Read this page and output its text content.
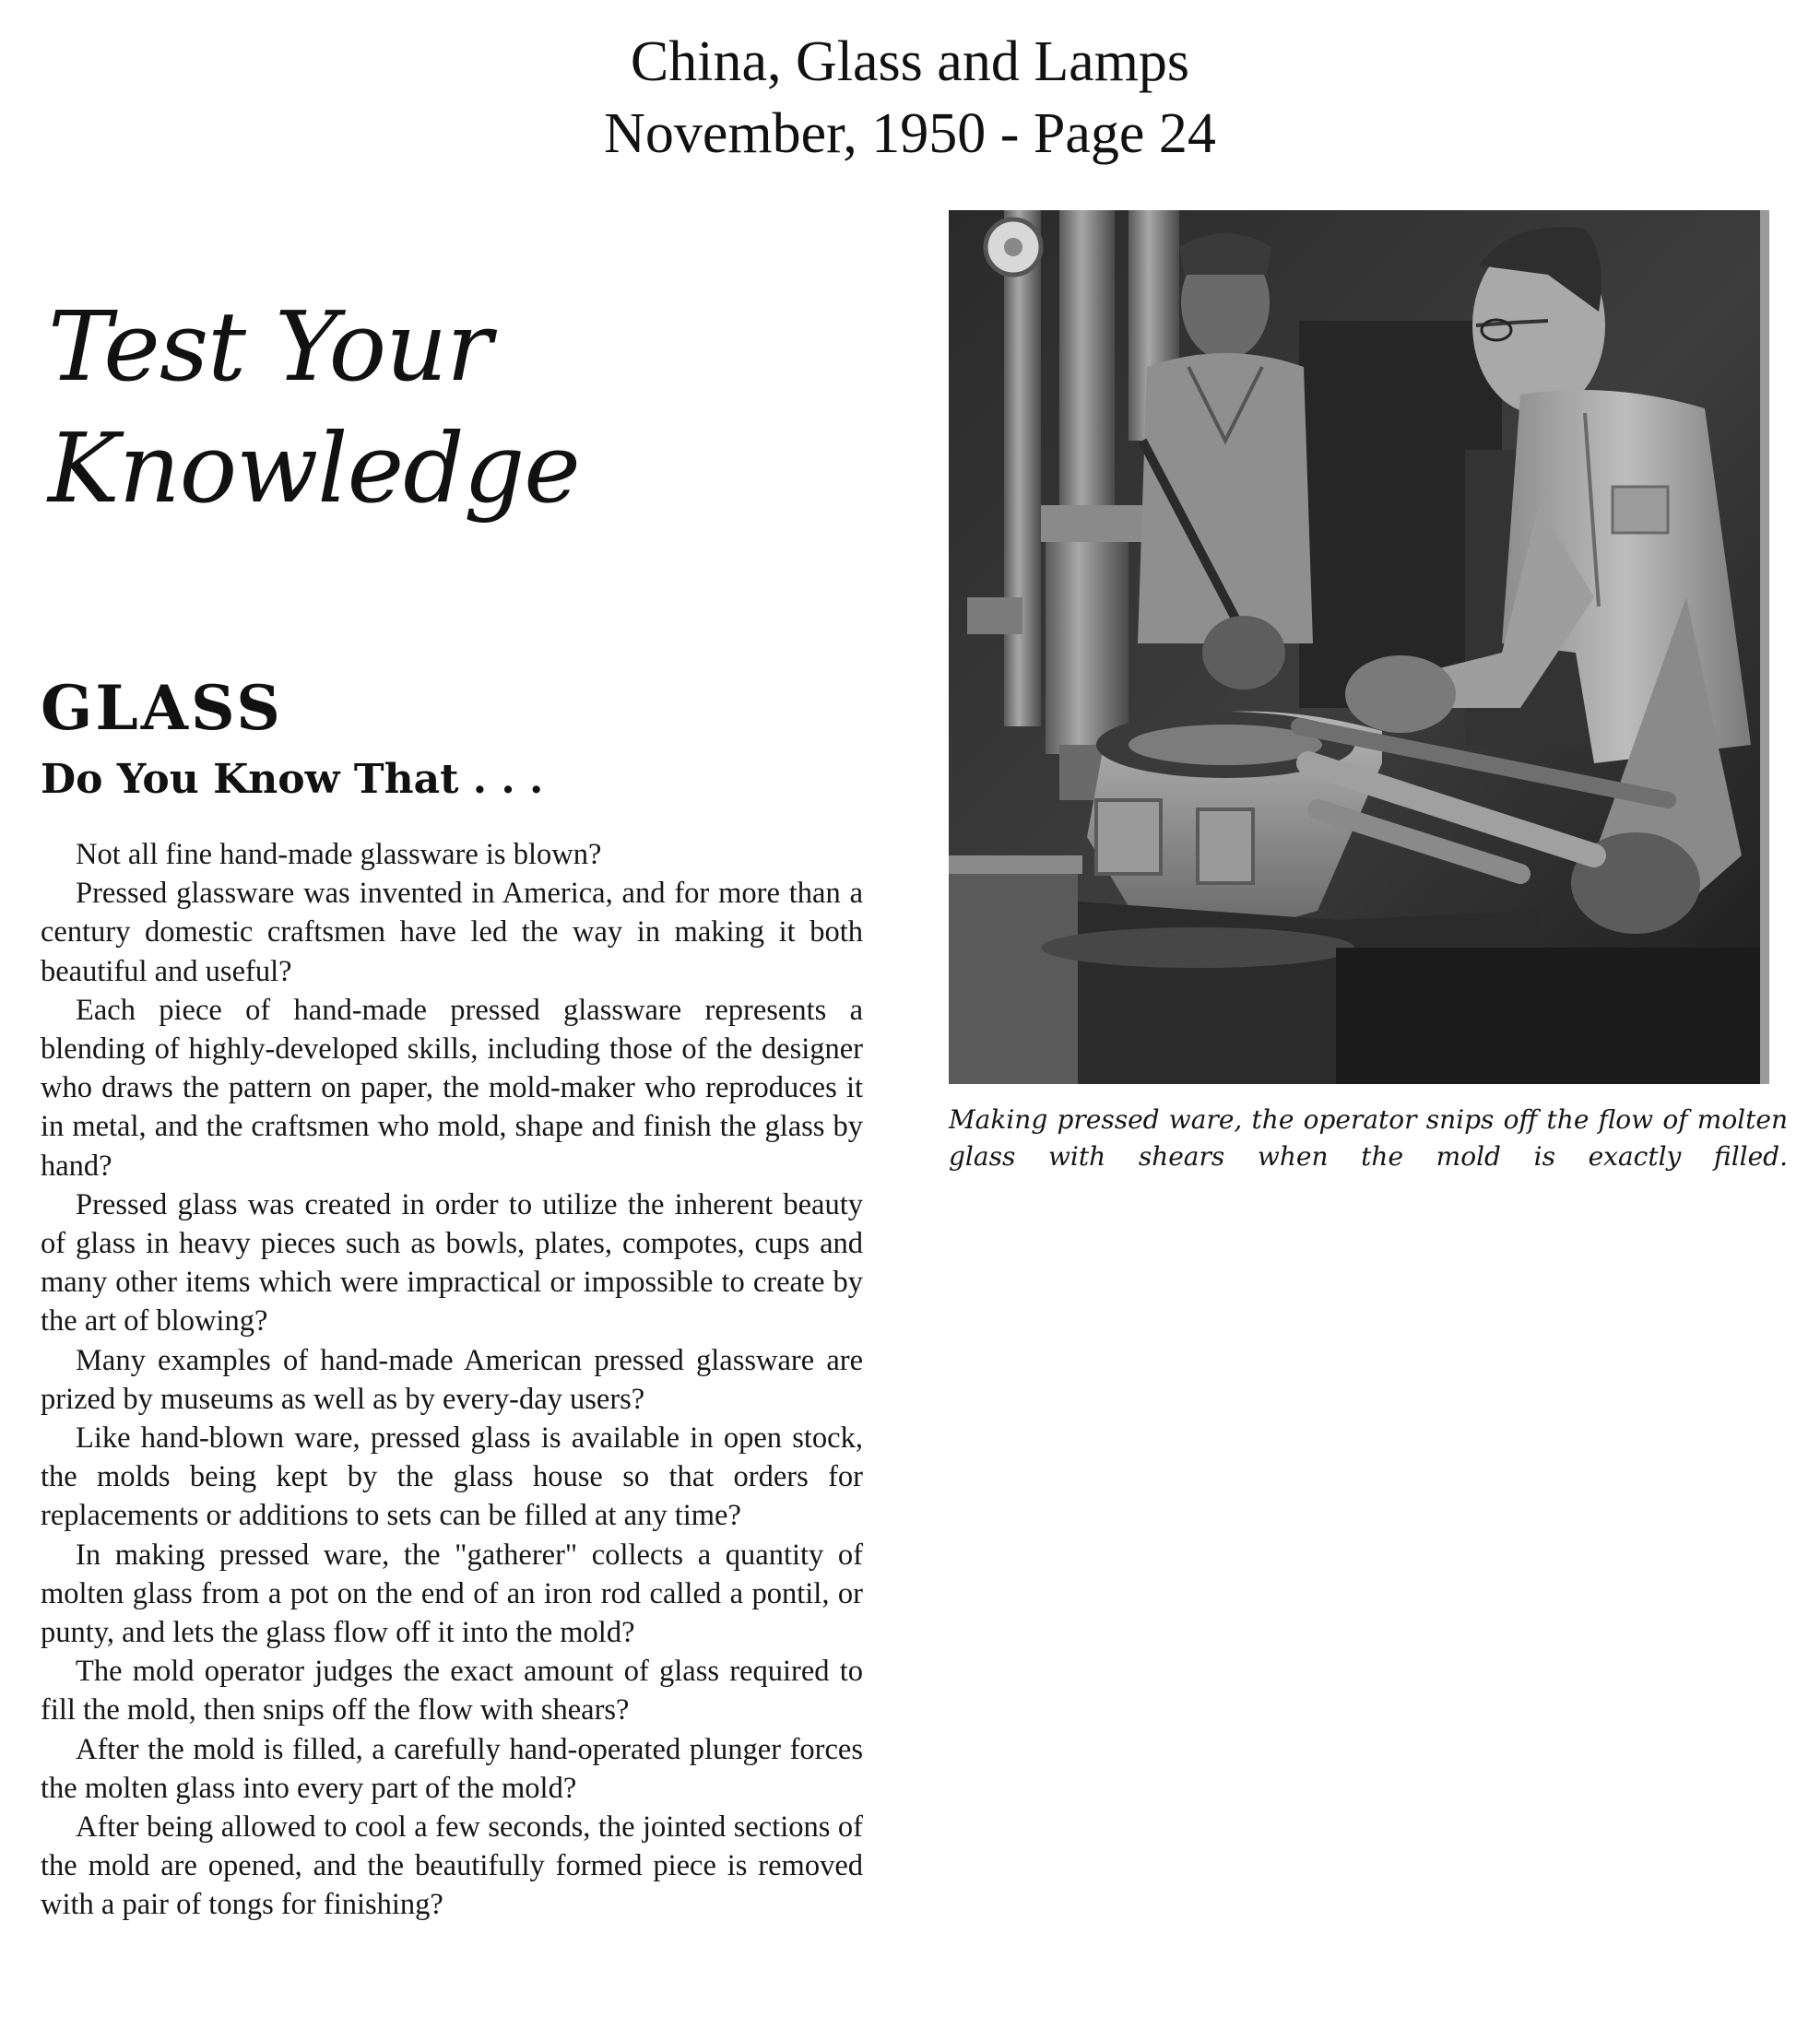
China, Glass and Lamps
November, 1950 - Page 24
Test Your
Knowledge
GLASS
Do You Know That . . .

Not all fine hand-made glassware is blown?

Pressed glassware was invented in America, and for more than a century domestic craftsmen have led the way in making it both beautiful and useful?

Each piece of hand-made pressed glassware represents a blending of highly-developed skills, including those of the designer who draws the pattern on paper, the mold-maker who reproduces it in metal, and the craftsmen who mold, shape and finish the glass by hand?

Pressed glass was created in order to utilize the inherent beauty of glass in heavy pieces such as bowls, plates, compotes, cups and many other items which were impractical or impossible to create by the art of blowing?

Many examples of hand-made American pressed glassware are prized by museums as well as by every-day users?

Like hand-blown ware, pressed glass is available in open stock, the molds being kept by the glass house so that orders for replacements or additions to sets can be filled at any time?

In making pressed ware, the "gatherer" collects a quantity of molten glass from a pot on the end of an iron rod called a pontil, or punty, and lets the glass flow off it into the mold?

The mold operator judges the exact amount of glass required to fill the mold, then snips off the flow with shears?

After the mold is filled, a carefully hand-operated plunger forces the molten glass into every part of the mold?

After being allowed to cool a few seconds, the jointed sections of the mold are opened, and the beautifully formed piece is removed with a pair of tongs for finishing?

Making pressed ware, the operator snips off the flow of molten glass with shears when the mold is exactly filled.
